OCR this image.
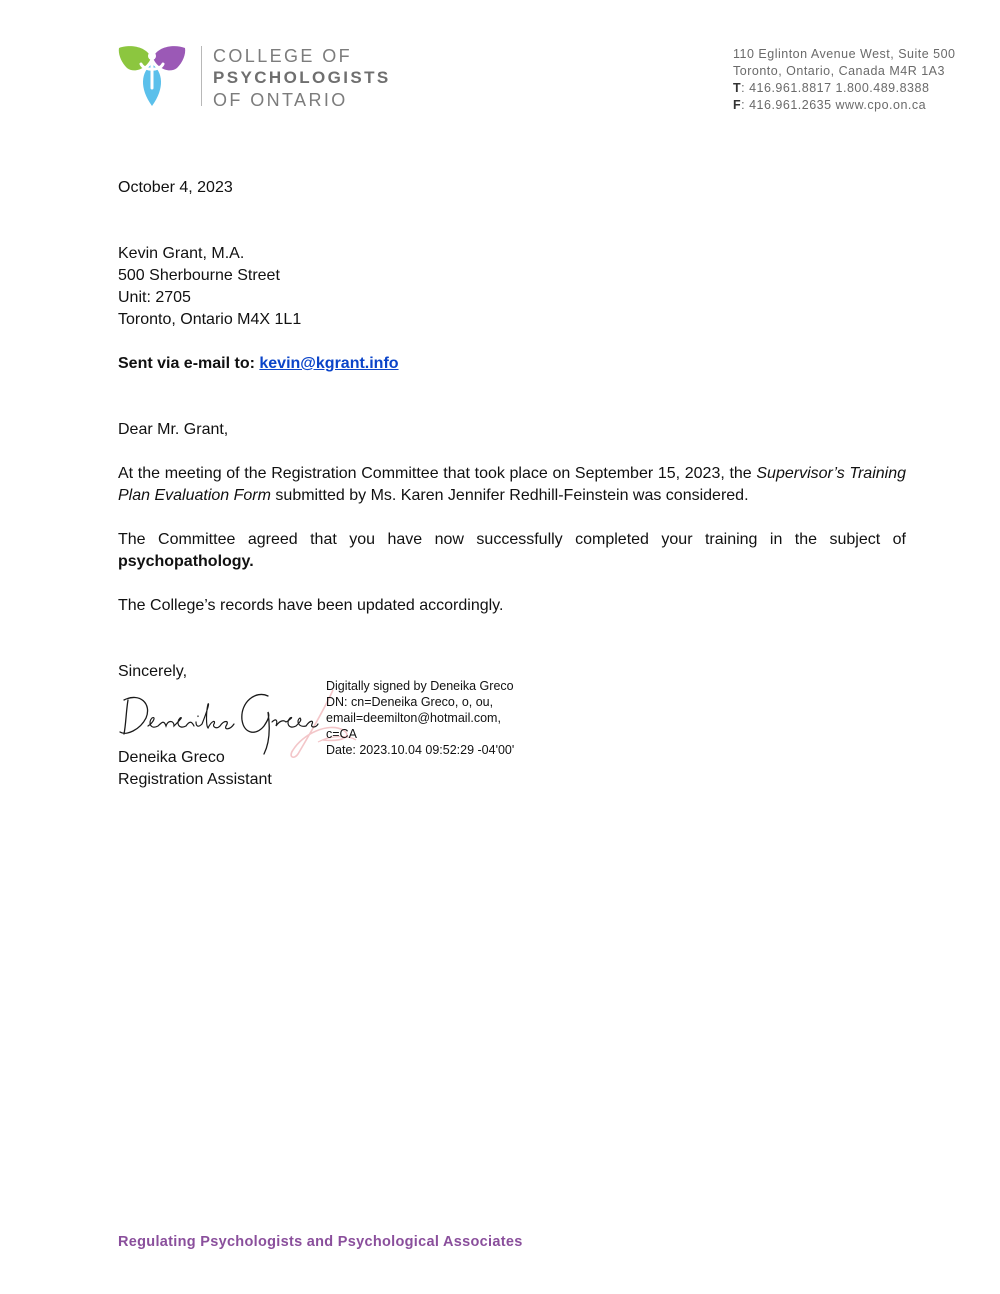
COLLEGE OF
PSYCHOLOGISTS
OF ONTARIO
110 Eglinton Avenue West, Suite 500
Toronto, Ontario, Canada M4R 1A3
T: 416.961.8817 1.800.489.8388
F: 416.961.2635 www.cpo.on.ca
October 4, 2023
Kevin Grant, M.A.
500 Sherbourne Street
Unit: 2705
Toronto, Ontario M4X 1L1
Sent via e-mail to: kevin@kgrant.info
Dear Mr. Grant,
At the meeting of the Registration Committee that took place on September 15, 2023, the Supervisor’s Training Plan Evaluation Form submitted by Ms. Karen Jennifer Redhill-Feinstein was considered.
The Committee agreed that you have now successfully completed your training in the subject of psychopathology.
The College’s records have been updated accordingly.
Sincerely,
Digitally signed by Deneika Greco
DN: cn=Deneika Greco, o, ou,
email=deemilton@hotmail.com,
c=CA
Date: 2023.10.04 09:52:29 -04'00'
Deneika Greco
Registration Assistant
Regulating Psychologists and Psychological Associates
